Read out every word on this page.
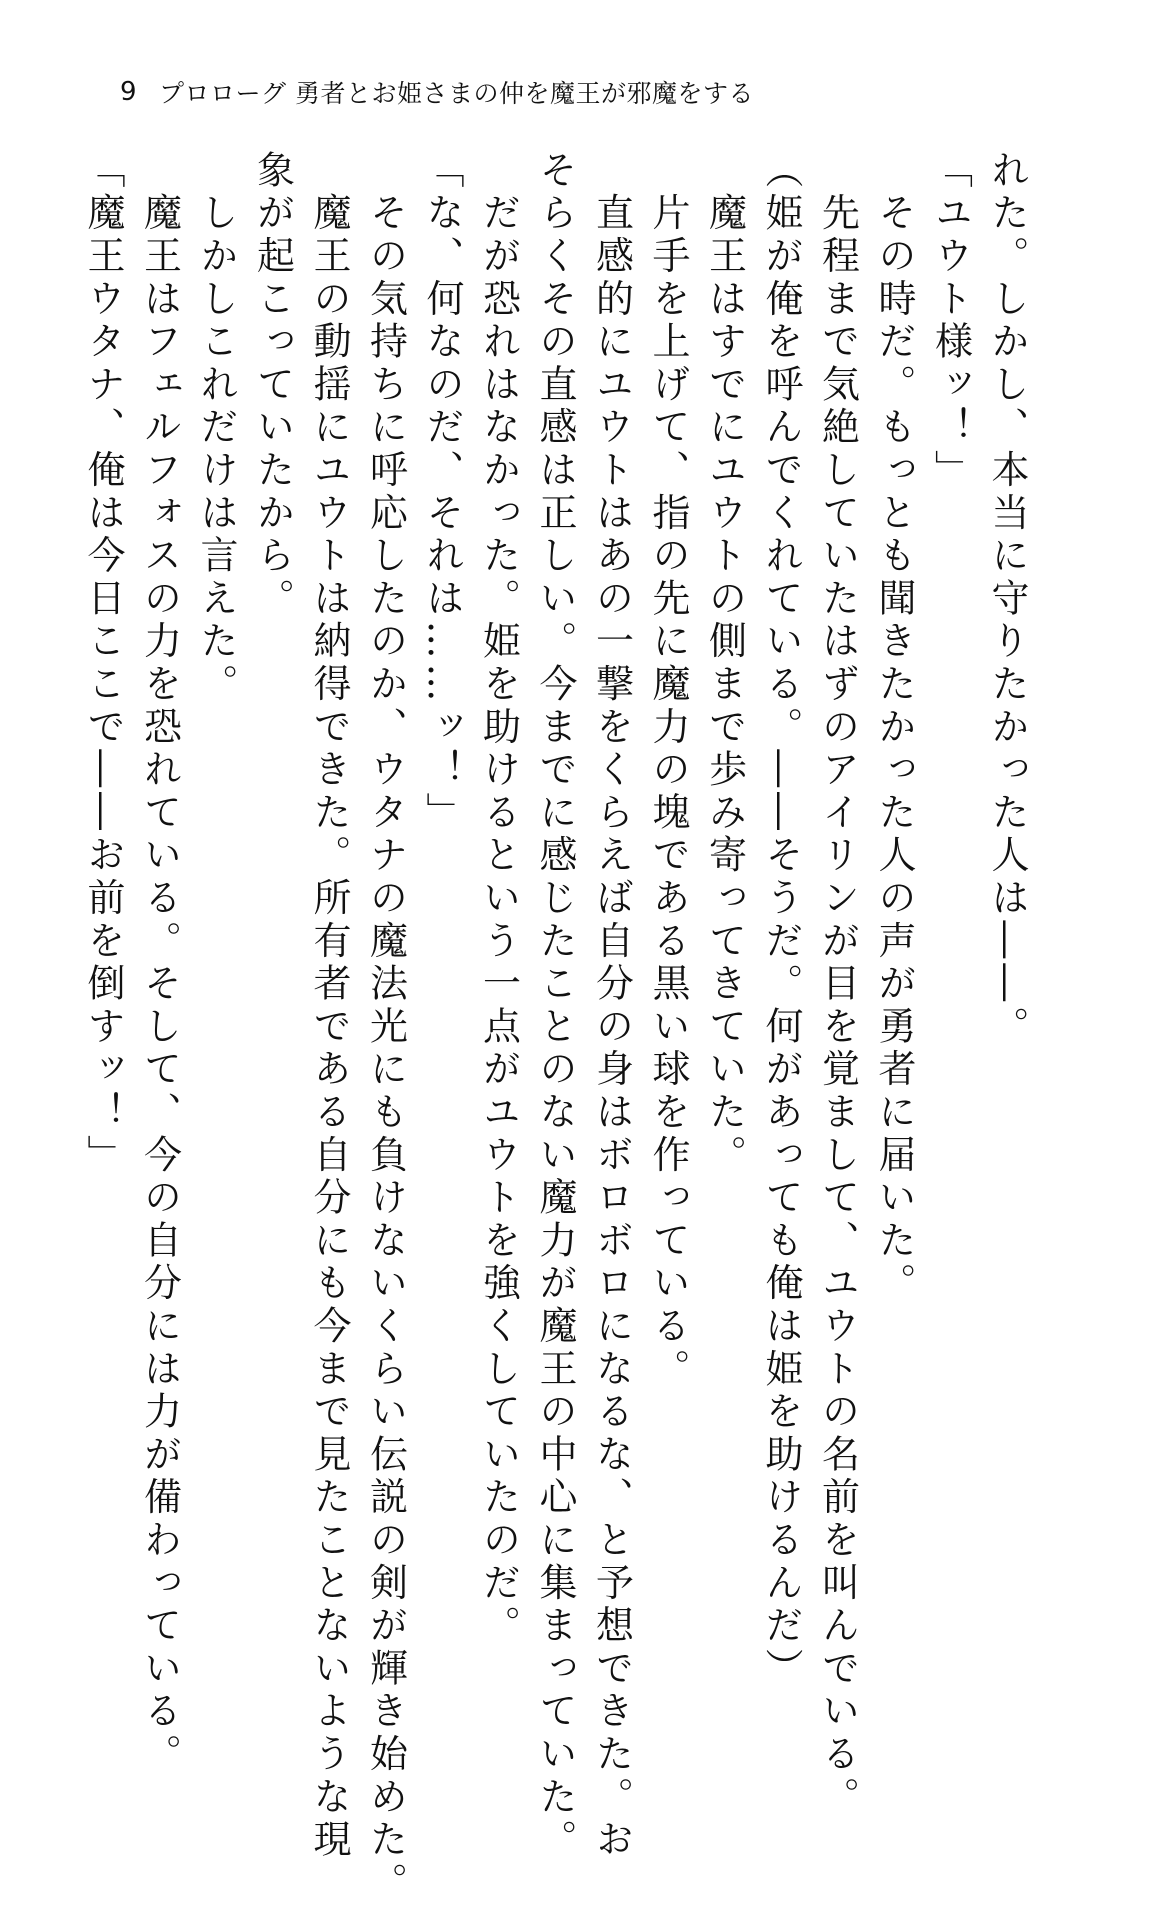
9 プロローグ 勇者とお姫さまの仲を魔王が邪魔をする
れた。しかし、本当に守りたかった人は――。
「ユウト様ッ！」
　その時だ。もっとも聞きたかった人の声が勇者に届いた。
　先程まで気絶していたはずのアイリンが目を覚まして、ユウトの名前を叫んでいる。
（姫が俺を呼んでくれている。――そうだ。何があっても俺は姫を助けるんだ）
　魔王はすでにユウトの側まで歩み寄ってきていた。
　片手を上げて、指の先に魔力の塊である黒い球を作っている。
　直感的にユウトはあの一撃をくらえば自分の身はボロボロになるな、と予想できた。お
そらくその直感は正しい。今までに感じたことのない魔力が魔王の中心に集まっていた。
　だが恐れはなかった。姫を助けるという一点がユウトを強くしていたのだ。
「な、何なのだ、それは……ッ！」
　その気持ちに呼応したのか、ウタナの魔法光にも負けないくらい伝説の剣が輝き始めた。
　魔王の動揺にユウトは納得できた。所有者である自分にも今まで見たことないような現
象が起こっていたから。
　しかしこれだけは言えた。
　魔王はフェルフォスの力を恐れている。そして、今の自分には力が備わっている。
「魔王ウタナ、俺は今日ここで――お前を倒すッ！」
